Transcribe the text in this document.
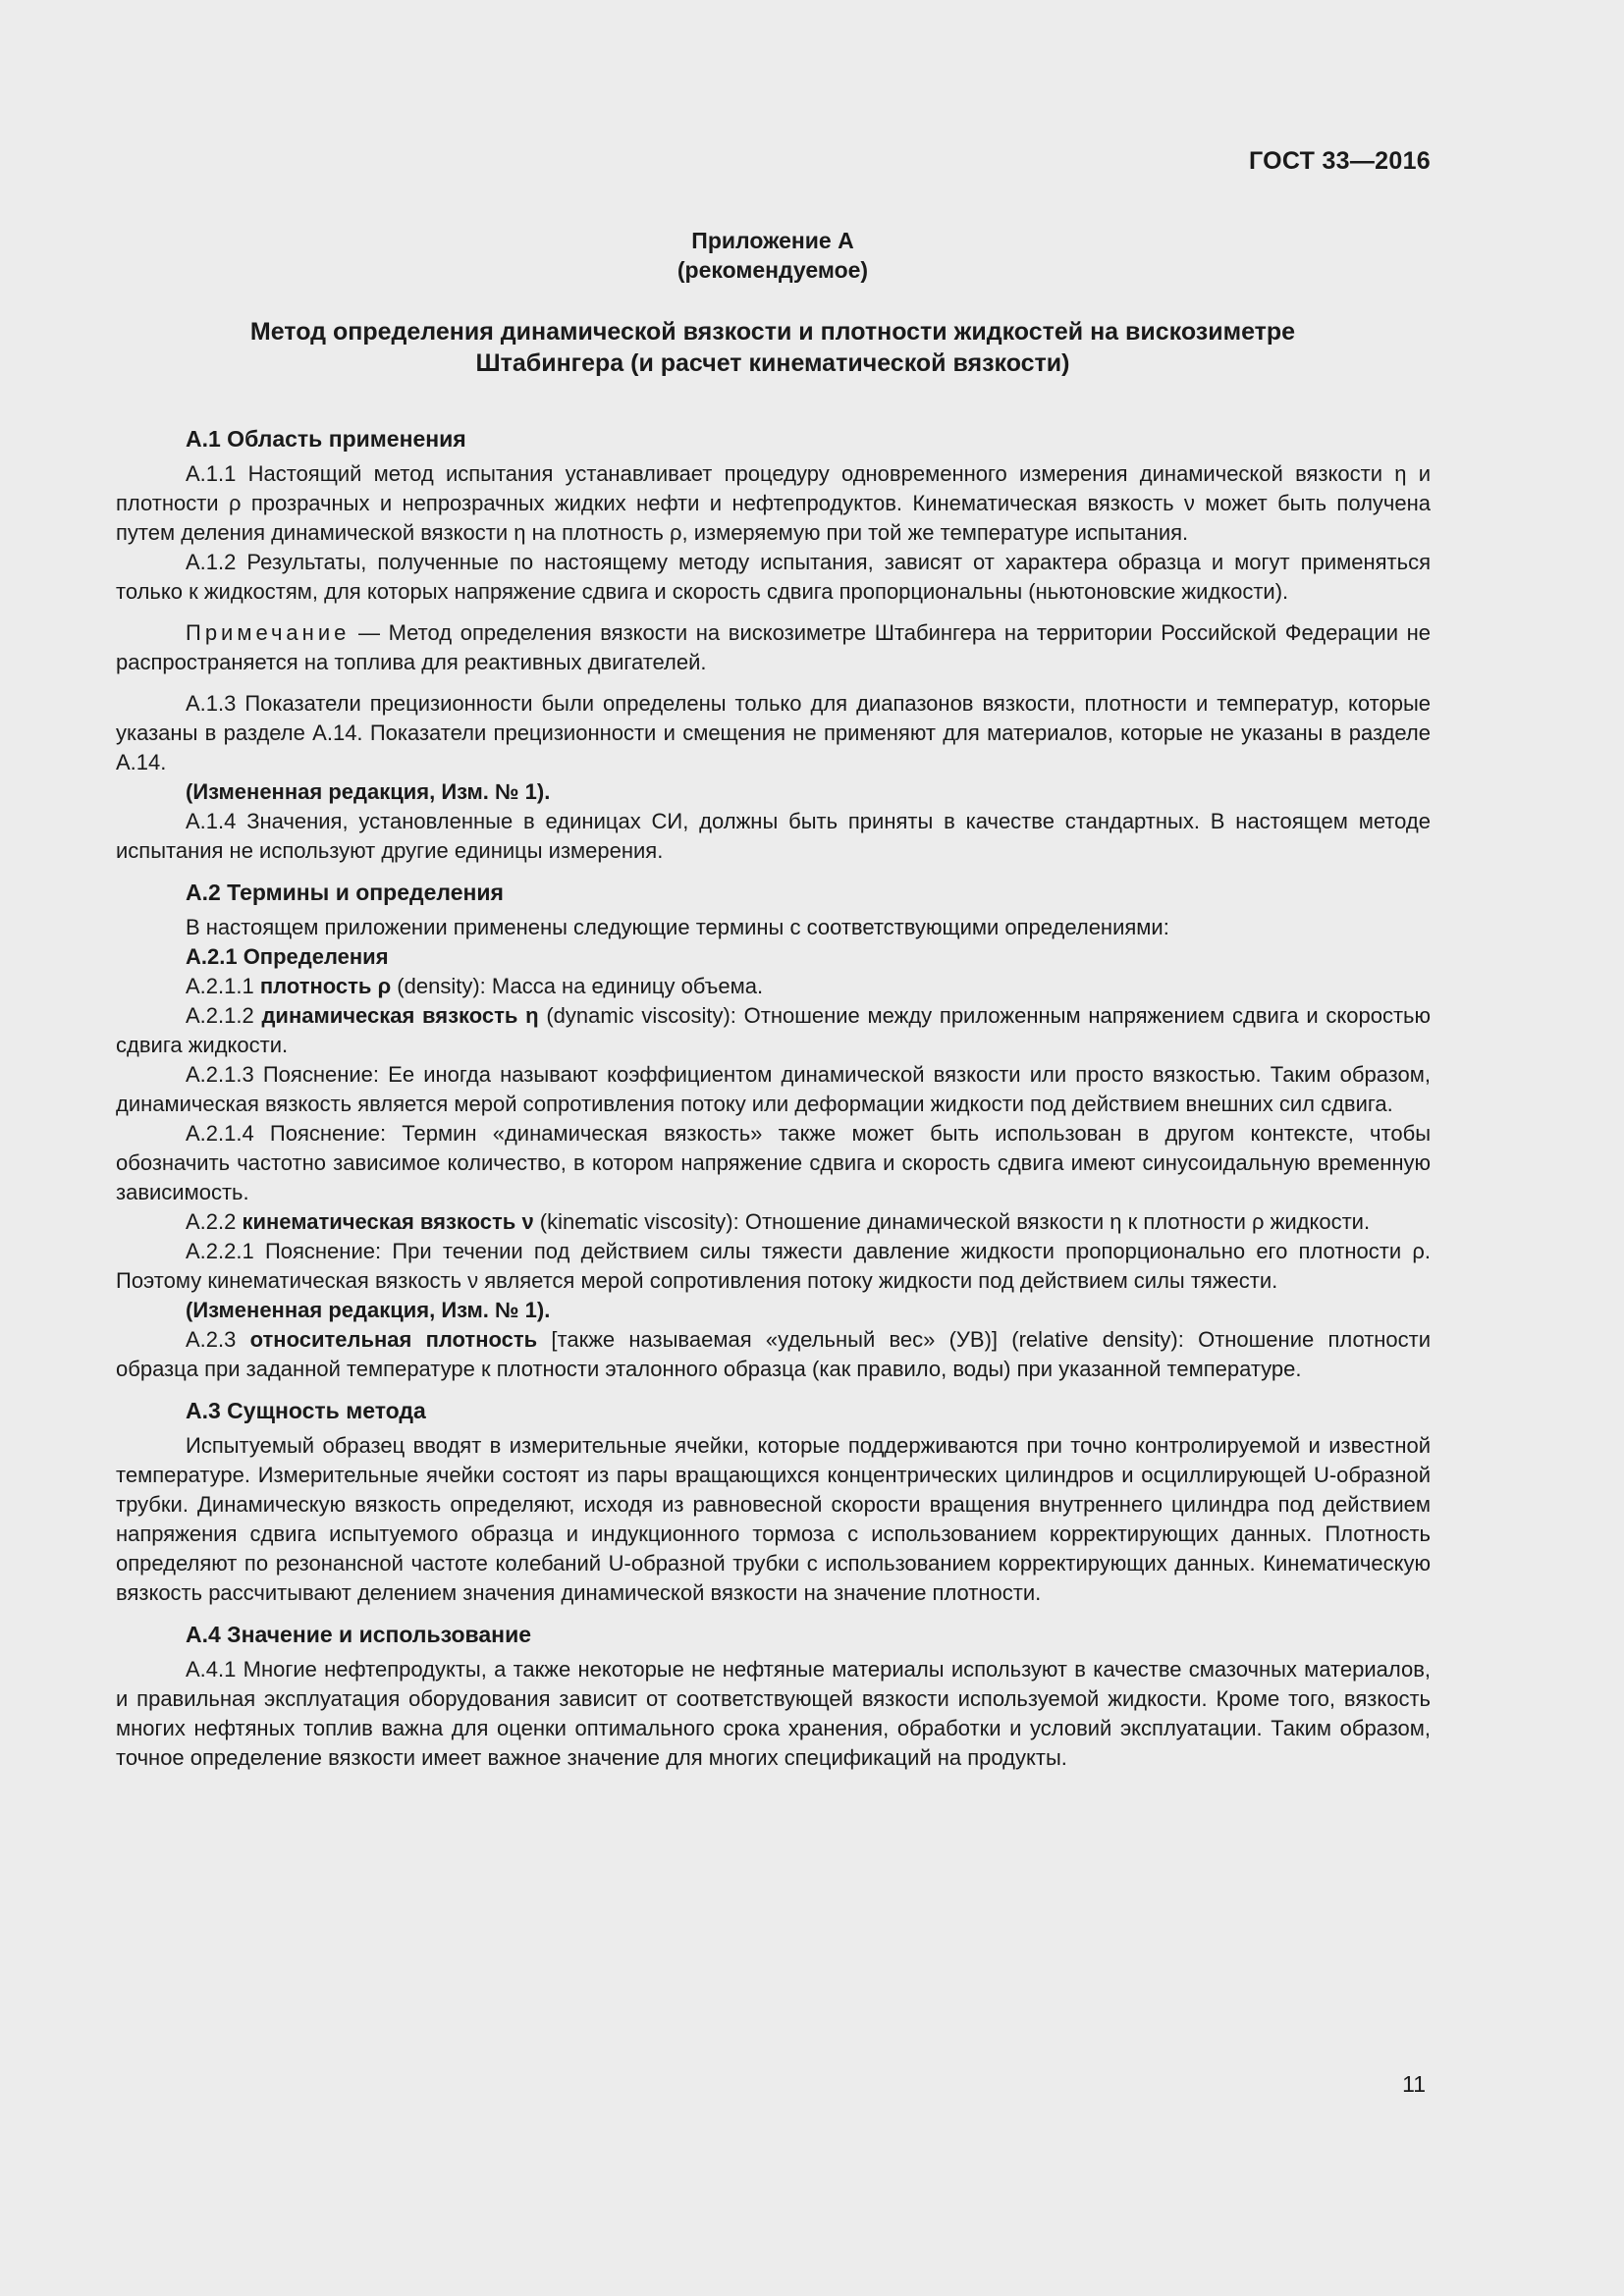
ГОСТ 33—2016
Приложение А
(рекомендуемое)
Метод определения динамической вязкости и плотности жидкостей на вискозиметре
Штабингера (и расчет кинематической вязкости)
А.1 Область применения

А.1.1 Настоящий метод испытания устанавливает процедуру одновременного измерения динамической вязкости η и плотности ρ прозрачных и непрозрачных жидких нефти и нефтепродуктов. Кинематическая вязкость ν может быть получена путем деления динамической вязкости η на плотность ρ, измеряемую при той же температуре испытания.

А.1.2 Результаты, полученные по настоящему методу испытания, зависят от характера образца и могут применяться только к жидкостям, для которых напряжение сдвига и скорость сдвига пропорциональны (ньютоновские жидкости).

Примечание — Метод определения вязкости на вискозиметре Штабингера на территории Российской Федерации не распространяется на топлива для реактивных двигателей.

А.1.3 Показатели прецизионности были определены только для диапазонов вязкости, плотности и температур, которые указаны в разделе А.14. Показатели прецизионности и смещения не применяют для материалов, которые не указаны в разделе А.14.

(Измененная редакция, Изм. № 1).

А.1.4 Значения, установленные в единицах СИ, должны быть приняты в качестве стандартных. В настоящем методе испытания не используют другие единицы измерения.

А.2 Термины и определения

В настоящем приложении применены следующие термины с соответствующими определениями:

А.2.1 Определения

А.2.1.1 плотность ρ (density): Масса на единицу объема.

А.2.1.2 динамическая вязкость η (dynamic viscosity): Отношение между приложенным напряжением сдвига и скоростью сдвига жидкости.

А.2.1.3 Пояснение: Ее иногда называют коэффициентом динамической вязкости или просто вязкостью. Таким образом, динамическая вязкость является мерой сопротивления потоку или деформации жидкости под действием внешних сил сдвига.

А.2.1.4 Пояснение: Термин «динамическая вязкость» также может быть использован в другом контексте, чтобы обозначить частотно зависимое количество, в котором напряжение сдвига и скорость сдвига имеют синусоидальную временную зависимость.

А.2.2 кинематическая вязкость ν (kinematic viscosity): Отношение динамической вязкости η к плотности ρ жидкости.

А.2.2.1 Пояснение: При течении под действием силы тяжести давление жидкости пропорционально его плотности ρ. Поэтому кинематическая вязкость ν является мерой сопротивления потоку жидкости под действием силы тяжести.

(Измененная редакция, Изм. № 1).

А.2.3 относительная плотность [также называемая «удельный вес» (УВ)] (relative density): Отношение плотности образца при заданной температуре к плотности эталонного образца (как правило, воды) при указанной температуре.

А.3 Сущность метода

Испытуемый образец вводят в измерительные ячейки, которые поддерживаются при точно контролируемой и известной температуре. Измерительные ячейки состоят из пары вращающихся концентрических цилиндров и осциллирующей U-образной трубки. Динамическую вязкость определяют, исходя из равновесной скорости вращения внутреннего цилиндра под действием напряжения сдвига испытуемого образца и индукционного тормоза с использованием корректирующих данных. Плотность определяют по резонансной частоте колебаний U-образной трубки с использованием корректирующих данных. Кинематическую вязкость рассчитывают делением значения динамической вязкости на значение плотности.

А.4 Значение и использование

А.4.1 Многие нефтепродукты, а также некоторые не нефтяные материалы используют в качестве смазочных материалов, и правильная эксплуатация оборудования зависит от соответствующей вязкости используемой жидкости. Кроме того, вязкость многих нефтяных топлив важна для оценки оптимального срока хранения, обработки и условий эксплуатации. Таким образом, точное определение вязкости имеет важное значение для многих спецификаций на продукты.

11
